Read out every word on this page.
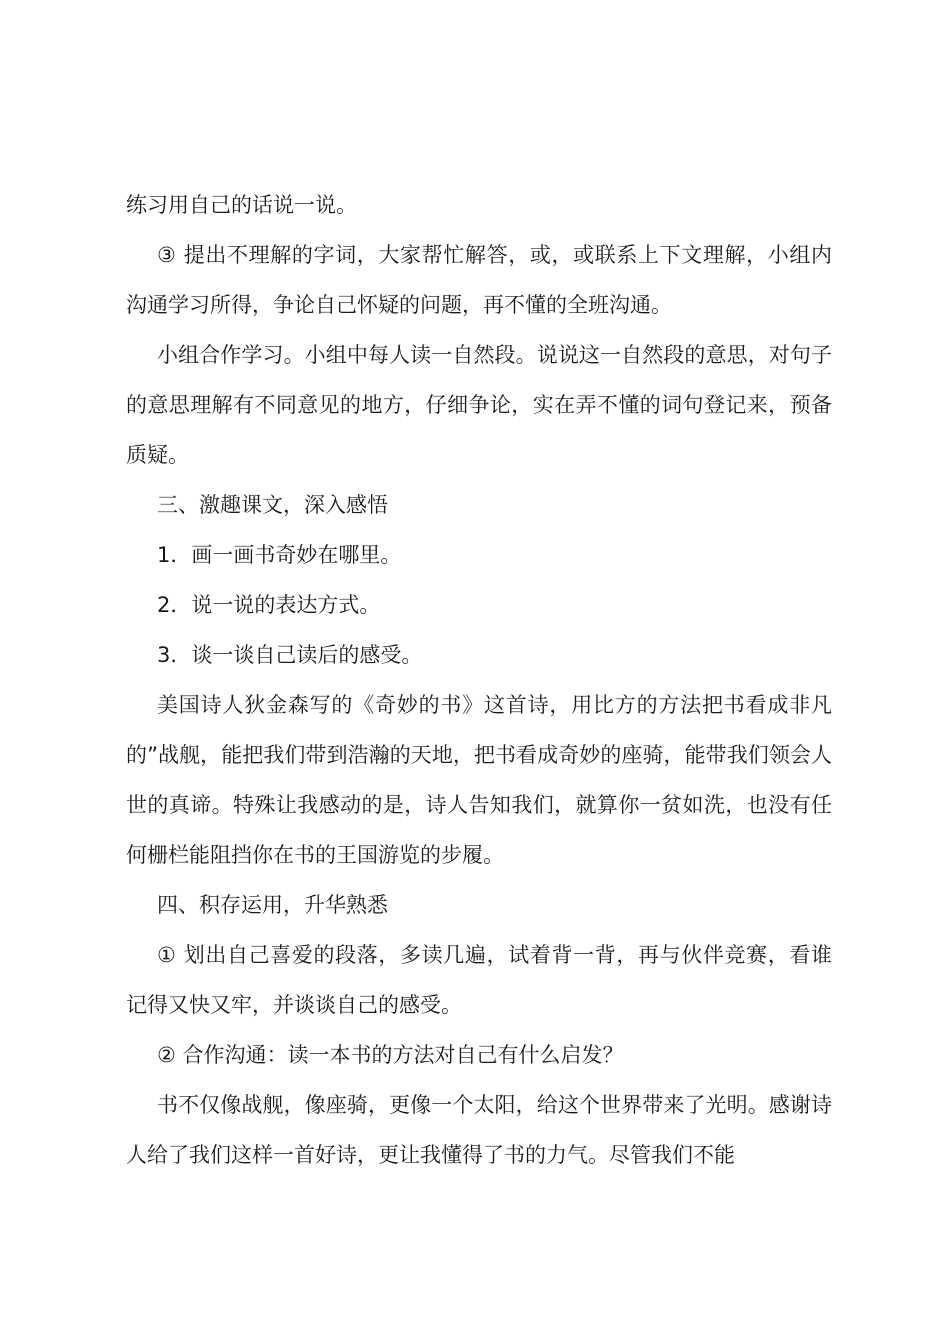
练习用自己的话说一说。

③ 提出不理解的字词，大家帮忙解答，或，或联系上下文理解，小组内沟通学习所得，争论自己怀疑的问题，再不懂的全班沟通。

小组合作学习。小组中每人读一自然段。说说这一自然段的意思，对句子的意思理解有不同意见的地方，仔细争论，实在弄不懂的词句登记来，预备质疑。

三、激趣课文，深入感悟

1．画一画书奇妙在哪里。

2．说一说的表达方式。

3．谈一谈自己读后的感受。

美国诗人狄金森写的《奇妙的书》这首诗，用比方的方法把书看成非凡的”战舰，能把我们带到浩瀚的天地，把书看成奇妙的座骑，能带我们领会人世的真谛。特殊让我感动的是，诗人告知我们，就算你一贫如洗，也没有任何栅栏能阻挡你在书的王国游览的步履。

四、积存运用，升华熟悉

① 划出自己喜爱的段落，多读几遍，试着背一背，再与伙伴竞赛，看谁记得又快又牢，并谈谈自己的感受。

② 合作沟通：读一本书的方法对自己有什么启发？

书不仅像战舰，像座骑，更像一个太阳，给这个世界带来了光明。感谢诗人给了我们这样一首好诗，更让我懂得了书的力气。尽管我们不能
